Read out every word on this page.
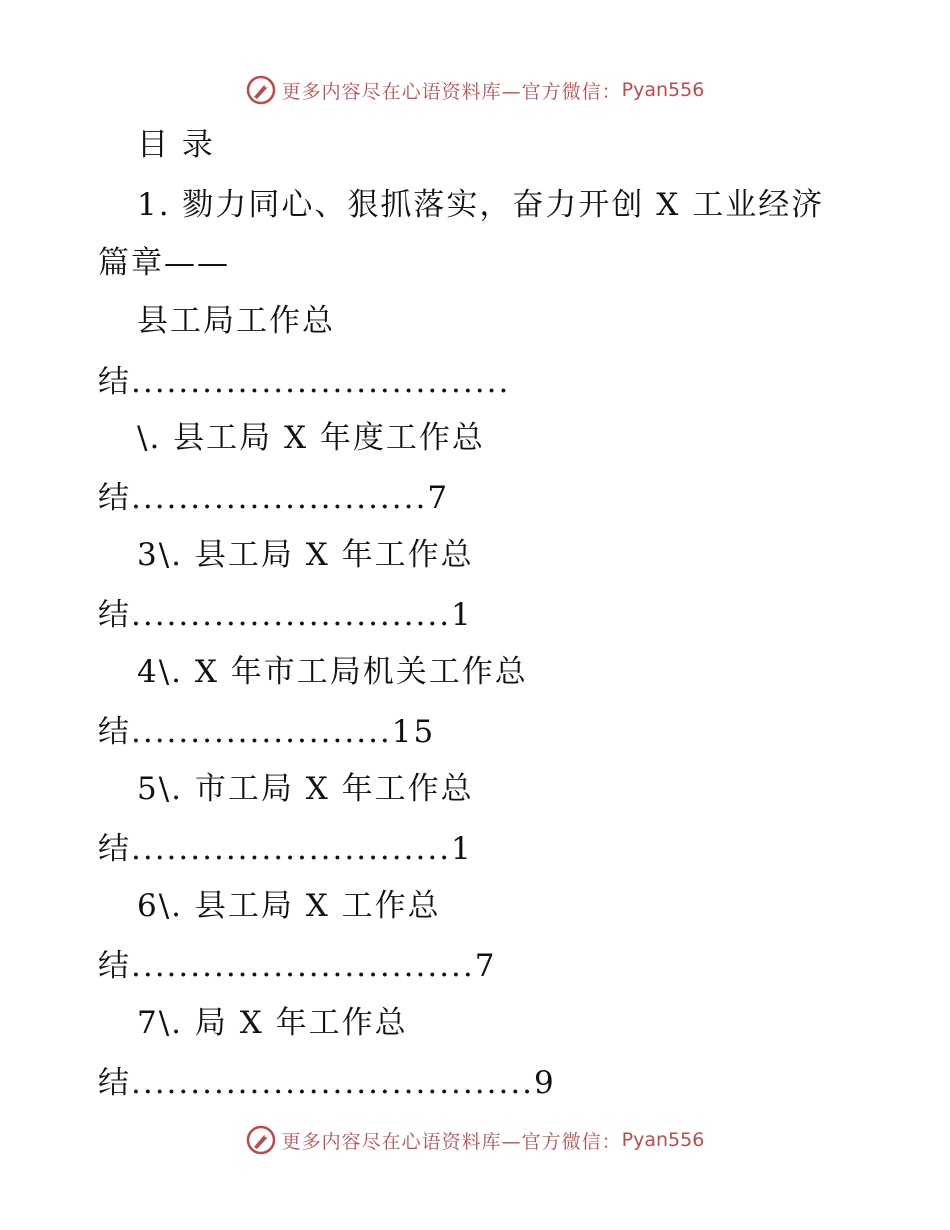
更多内容尽在心语资料库—官方微信： Pyan556
目 录
1. 勠力同心、狠抓落实，奋力开创 X 工业经济
篇章——
县工局工作总
结................................
\. 县工局 X 年度工作总
结.........................7
3\. 县工局 X 年工作总
结...........................1
4\. X 年市工局机关工作总
结......................15
5\. 市工局 X 年工作总
结...........................1
6\. 县工局 X 工作总
结.............................7
7\. 局 X 年工作总
结..................................9
更多内容尽在心语资料库—官方微信： Pyan556
